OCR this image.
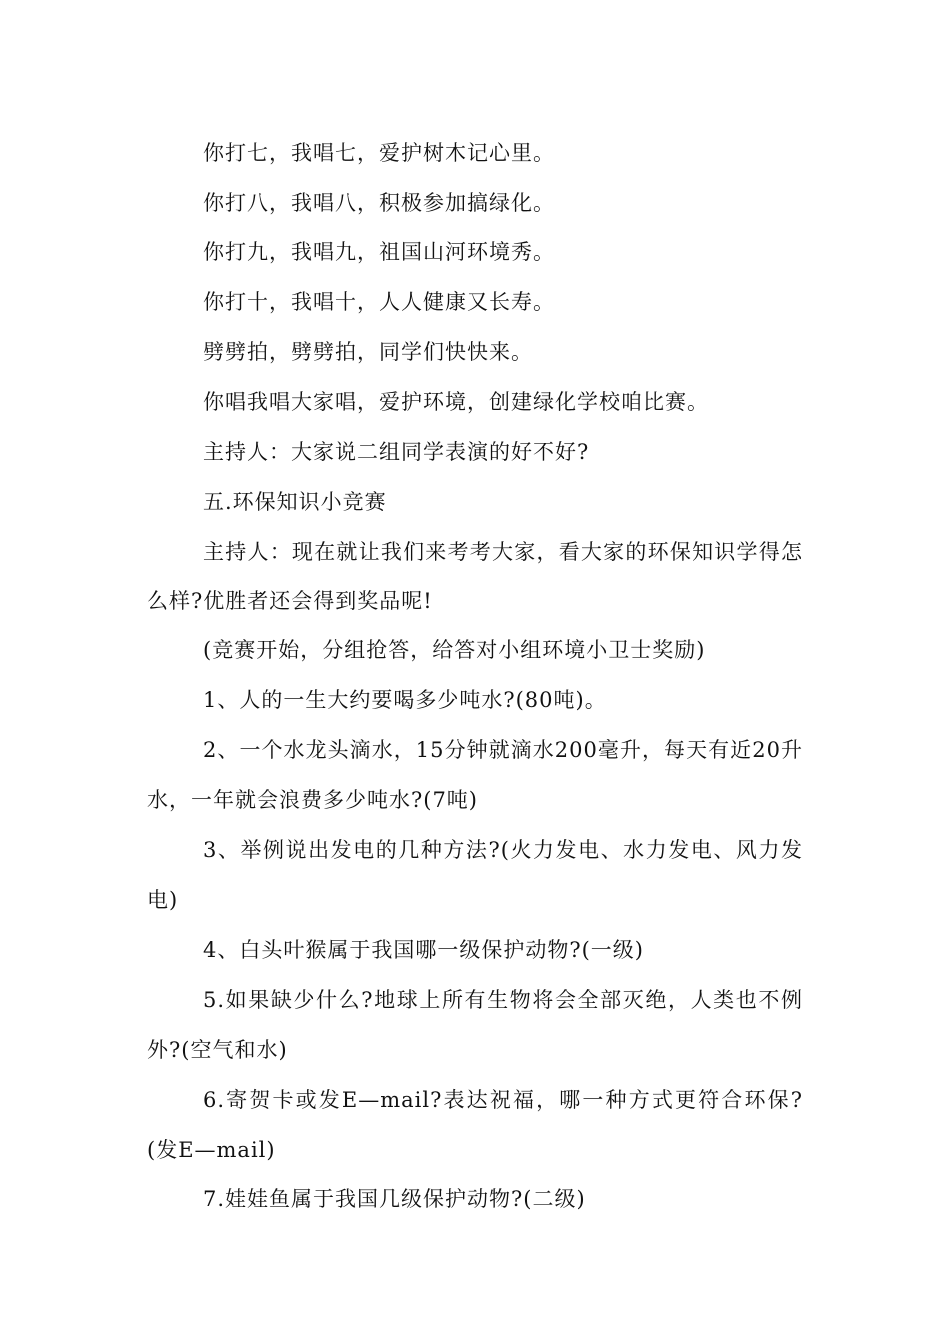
你打七，我唱七，爱护树木记心里。
你打八，我唱八，积极参加搞绿化。
你打九，我唱九，祖国山河环境秀。
你打十，我唱十，人人健康又长寿。
劈劈拍，劈劈拍，同学们快快来。
你唱我唱大家唱，爱护环境，创建绿化学校咱比赛。
主持人：大家说二组同学表演的好不好?
五.环保知识小竞赛
主持人：现在就让我们来考考大家，看大家的环保知识学得怎
么样?优胜者还会得到奖品呢!
(竞赛开始，分组抢答，给答对小组环境小卫士奖励)
1、人的一生大约要喝多少吨水?(80吨)。
2、一个水龙头滴水，15分钟就滴水200毫升，每天有近20升
水，一年就会浪费多少吨水?(7吨)
3、举例说出发电的几种方法?(火力发电、水力发电、风力发
电)
4、白头叶猴属于我国哪一级保护动物?(一级)
5.如果缺少什么?地球上所有生物将会全部灭绝，人类也不例
外?(空气和水)
6.寄贺卡或发E—mail?表达祝福，哪一种方式更符合环保?
(发E—mail)
7.娃娃鱼属于我国几级保护动物?(二级)
